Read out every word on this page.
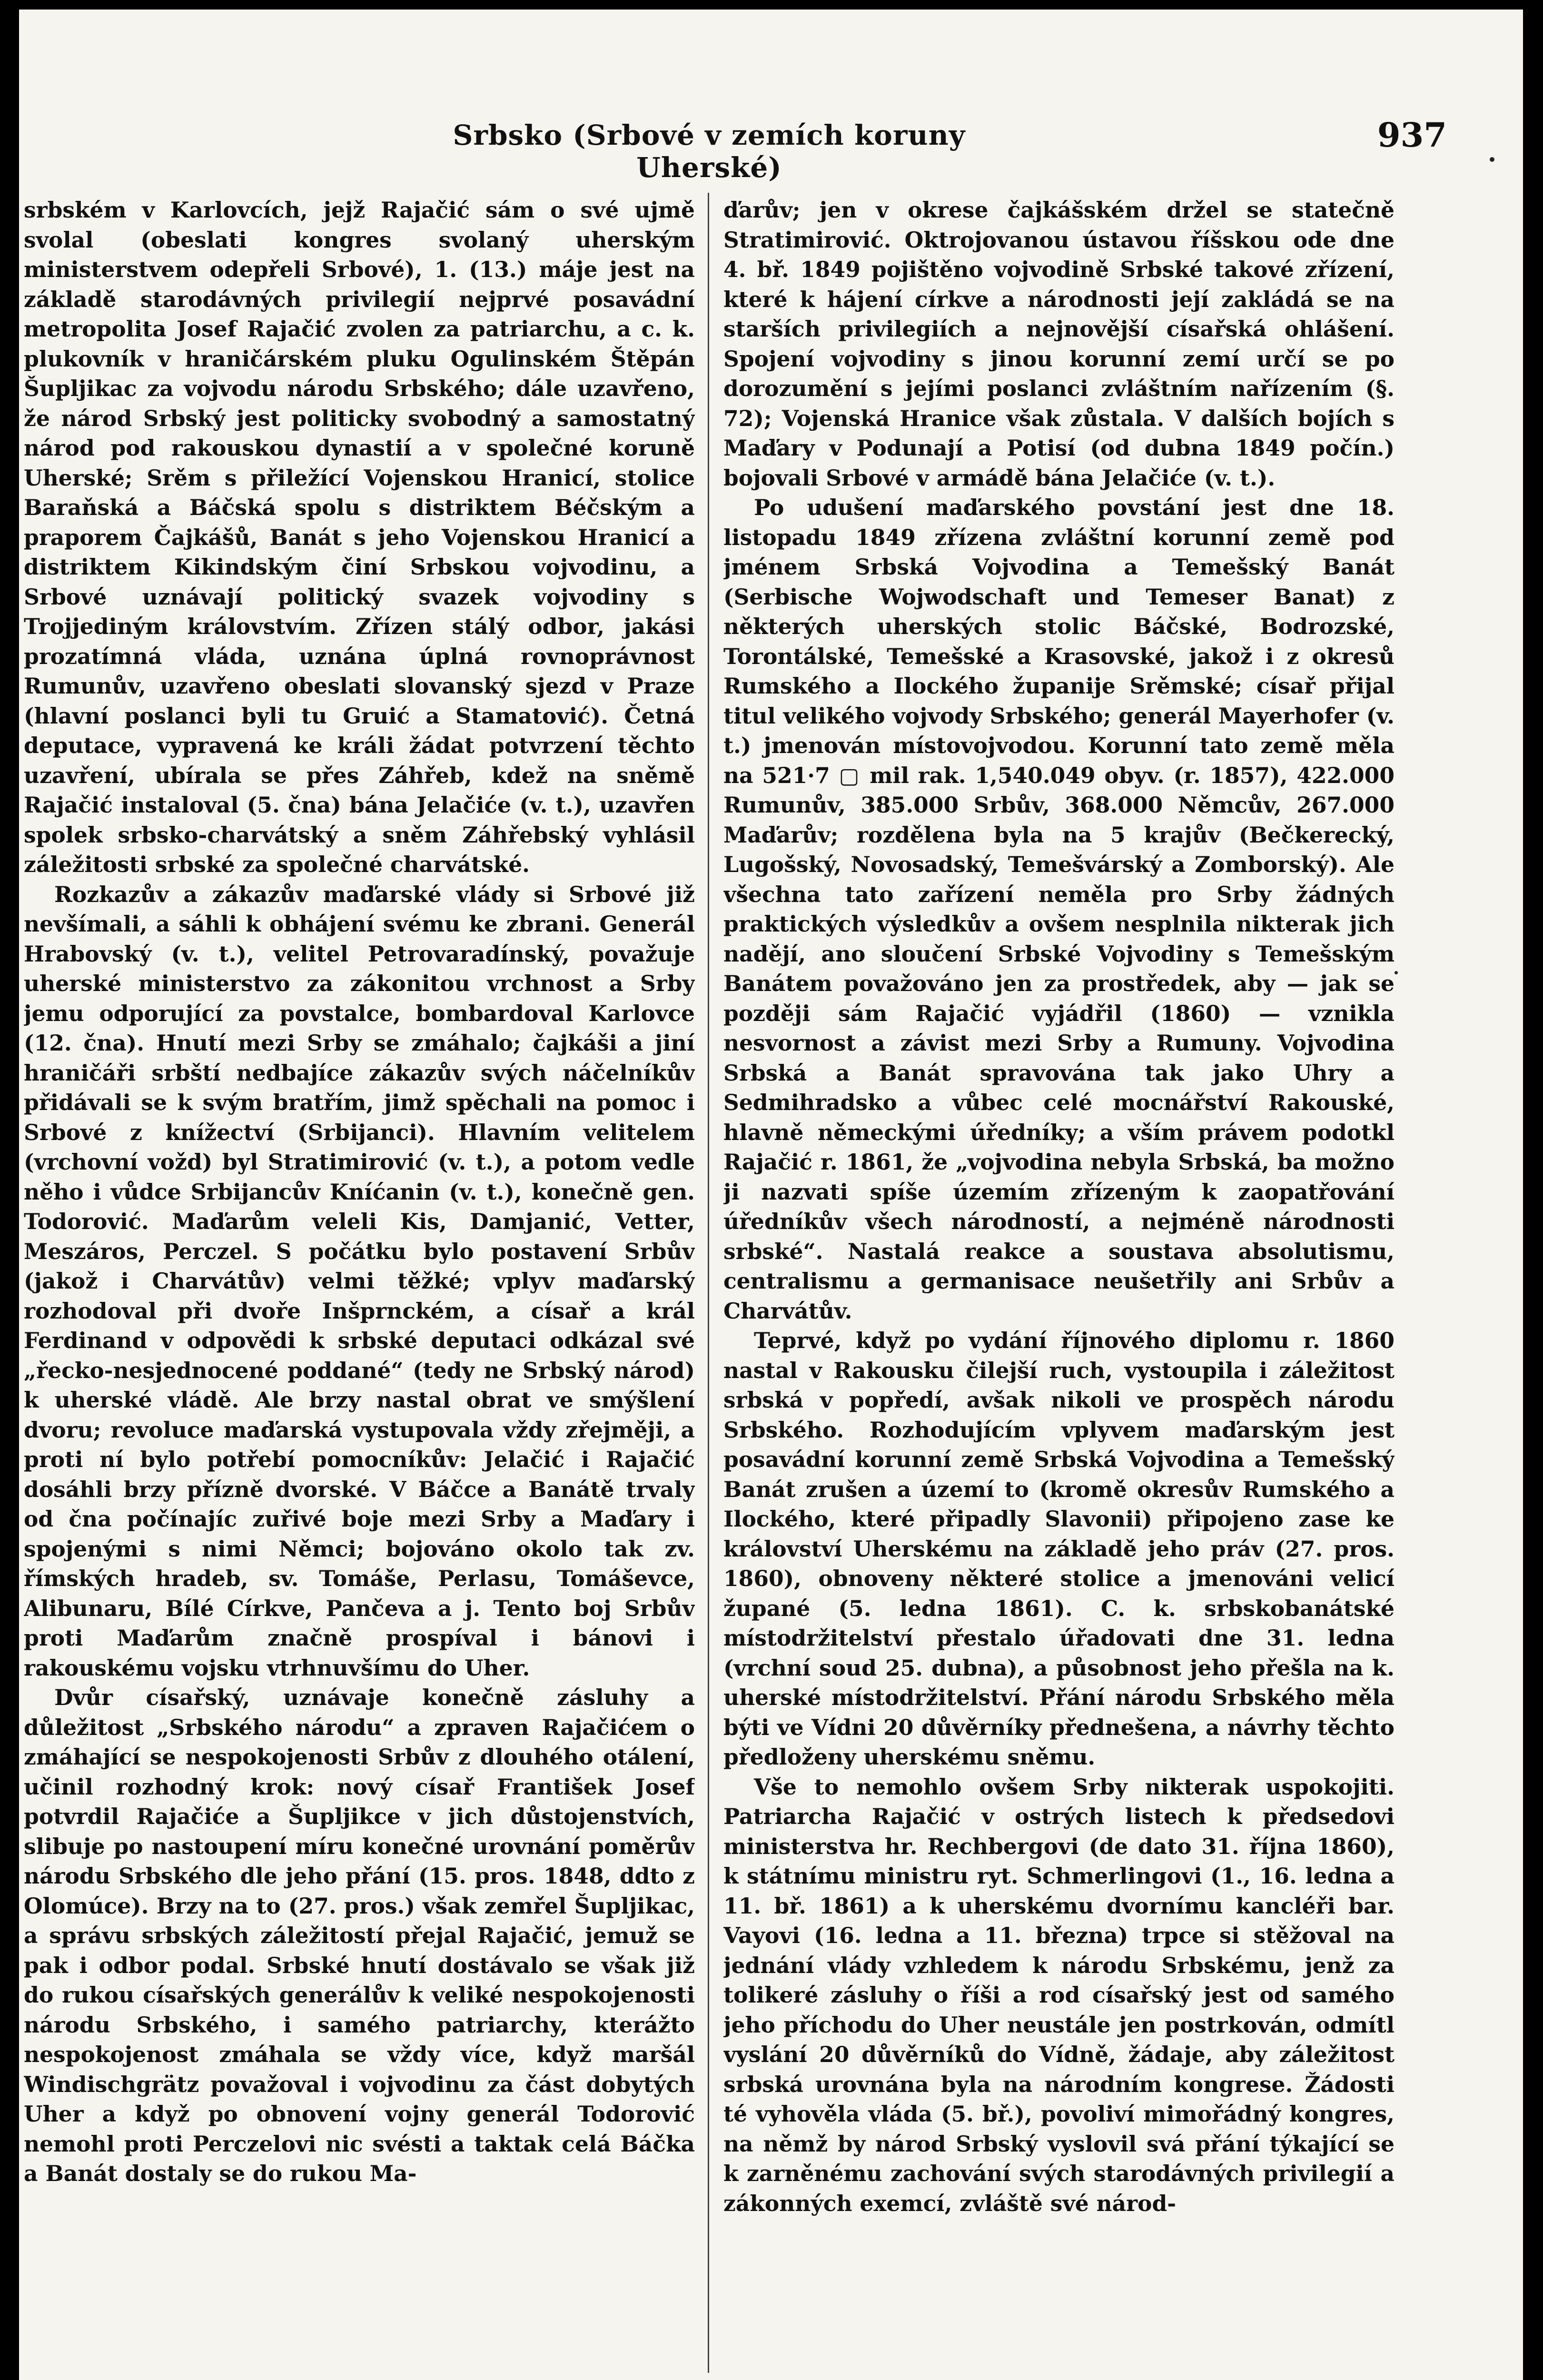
Srbsko (Srbové v zemích koruny Uherské)
937

srbském v Karlovcích, jejž Rajačić sám o své ujmě svolal (obeslati kongres svolaný uherským ministerstvem odepřeli Srbové), 1. (13.) máje jest na základě starodávných privilegií nejprvé posavádní metropolita Josef Rajačić zvolen za patriarchu, a c. k. plukovník v hraničárském pluku Ogulinském Štěpán Šupljikac za vojvodu národu Srbského; dále uzavřeno, že národ Srbský jest politicky svobodný a samostatný národ pod rakouskou dynastií a v společné koruně Uherské; Srěm s přiležící Vojenskou Hranicí, stolice Baraňská a Báčská spolu s distriktem Béčským a praporem Čajkášů, Banát s jeho Vojenskou Hranicí a distriktem Kikindským činí Srbskou vojvodinu, a Srbové uznávají politický svazek vojvodiny s Trojjediným královstvím. Zřízen stálý odbor, jakási prozatímná vláda, uznána úplná rovnoprávnost Rumunův, uzavřeno obeslati slovanský sjezd v Praze (hlavní poslanci byli tu Gruić a Stamatović). Četná deputace, vypravená ke králi žádat potvrzení těchto uzavření, ubírala se přes Záhřeb, kdež na sněmě Rajačić instaloval (5. čna) bána Jelačiće (v. t.), uzavřen spolek srbsko-charvátský a sněm Záhřebský vyhlásil záležitosti srbské za společné charvátské.

Rozkazův a zákazův maďarské vlády si Srbové již nevšímali, a sáhli k obhájení svému ke zbrani. Generál Hrabovský (v. t.), velitel Petrovaradínský, považuje uherské ministerstvo za zákonitou vrchnost a Srby jemu odporující za povstalce, bombardoval Karlovce (12. čna). Hnutí mezi Srby se zmáhalo; čajkáši a jiní hraničáři srbští nedbajíce zákazův svých náčelníkův přidávali se k svým bratřím, jimž spěchali na pomoc i Srbové z knížectví (Srbijanci). Hlavním velitelem (vrchovní vožd) byl Stratimirović (v. t.), a potom vedle něho i vůdce Srbijancův Kníćanin (v. t.), konečně gen. Todorović. Maďarům veleli Kis, Damjanić, Vetter, Meszáros, Perczel. S počátku bylo postavení Srbův (jakož i Charvátův) velmi těžké; vplyv maďarský rozhodoval při dvoře Inšprnckém, a císař a král Ferdinand v odpovědi k srbské deputaci odkázal své „řecko-nesjednocené poddané“ (tedy ne Srbský národ) k uherské vládě. Ale brzy nastal obrat ve smýšlení dvoru; revoluce maďarská vystupovala vždy zřejměji, a proti ní bylo potřebí pomocníkův: Jelačić i Rajačić dosáhli brzy přízně dvorské. V Báčce a Banátě trvaly od čna počínajíc zuřivé boje mezi Srby a Maďary i spojenými s nimi Němci; bojováno okolo tak zv. římských hradeb, sv. Tomáše, Perlasu, Tomáševce, Alibunaru, Bílé Církve, Pančeva a j. Tento boj Srbův proti Maďarům značně prospíval i bánovi i rakouskému vojsku vtrhnuvšímu do Uher.

Dvůr císařský, uznávaje konečně zásluhy a důležitost „Srbského národu“ a zpraven Rajačićem o zmáhající se nespokojenosti Srbův z dlouhého otálení, učinil rozhodný krok: nový císař František Josef potvrdil Rajačiće a Šupljikce v jich důstojenstvích, slibuje po nastoupení míru konečné urovnání poměrův národu Srbského dle jeho přání (15. pros. 1848, ddto z Olomúce). Brzy na to (27. pros.) však zemřel Šupljikac, a správu srbských záležitostí přejal Rajačić, jemuž se pak i odbor podal. Srbské hnutí dostávalo se však již do rukou císařských generálův k veliké nespokojenosti národu Srbského, i samého patriarchy, kterážto nespokojenost zmáhala se vždy více, když maršál Windischgrätz považoval i vojvodinu za část dobytých Uher a když po obnovení vojny generál Todorović nemohl proti Perczelovi nic svésti a taktak celá Báčka a Banát dostaly se do rukou Ma-

ďarův; jen v okrese čajkášském držel se statečně Stratimirović. Oktrojovanou ústavou říšskou ode dne 4. bř. 1849 pojištěno vojvodině Srbské takové zřízení, které k hájení církve a národnosti její zakládá se na starších privilegiích a nejnovější císařská ohlášení. Spojení vojvodiny s jinou korunní zemí určí se po dorozumění s jejími poslanci zvláštním nařízením (§. 72); Vojenská Hranice však zůstala. V dalších bojích s Maďary v Podunají a Potisí (od dubna 1849 počín.) bojovali Srbové v armádě bána Jelačiće (v. t.).

Po udušení maďarského povstání jest dne 18. listopadu 1849 zřízena zvláštní korunní země pod jménem Srbská Vojvodina a Temešský Banát (Serbische Wojwodschaft und Temeser Banat) z některých uherských stolic Báčské, Bodrozské, Torontálské, Temešské a Krasovské, jakož i z okresů Rumského a Ilockého županije Srěmské; císař přijal titul velikého vojvody Srbského; generál Mayerhofer (v. t.) jmenován místovojvodou. Korunní tato země měla na 521·7 ▢ mil rak. 1,540.049 obyv. (r. 1857), 422.000 Rumunův, 385.000 Srbův, 368.000 Němcův, 267.000 Maďarův; rozdělena byla na 5 krajův (Bečkerecký, Lugošský, Novosadský, Temešvárský a Zomborský). Ale všechna tato zařízení neměla pro Srby žádných praktických výsledkův a ovšem nesplnila nikterak jich nadějí, ano sloučení Srbské Vojvodiny s Temešským Banátem považováno jen za prostředek, aby — jak se později sám Rajačić vyjádřil (1860) — vznikla nesvornost a závist mezi Srby a Rumuny. Vojvodina Srbská a Banát spravována tak jako Uhry a Sedmihradsko a vůbec celé mocnářství Rakouské, hlavně německými úředníky; a vším právem podotkl Rajačić r. 1861, že „vojvodina nebyla Srbská, ba možno ji nazvati spíše územím zřízeným k zaopatřování úředníkův všech národností, a nejméně národnosti srbské“. Nastalá reakce a soustava absolutismu, centralismu a germanisace neušetřily ani Srbův a Charvátův.

Teprvé, když po vydání říjnového diplomu r. 1860 nastal v Rakousku čilejší ruch, vystoupila i záležitost srbská v popředí, avšak nikoli ve prospěch národu Srbského. Rozhodujícím vplyvem maďarským jest posavádní korunní země Srbská Vojvodina a Temešský Banát zrušen a území to (kromě okresův Rumského a Ilockého, které připadly Slavonii) připojeno zase ke království Uherskému na základě jeho práv (27. pros. 1860), obnoveny některé stolice a jmenováni velicí župané (5. ledna 1861). C. k. srbskobanátské místodržitelství přestalo úřadovati dne 31. ledna (vrchní soud 25. dubna), a působnost jeho přešla na k. uherské místodržitelství. Přání národu Srbského měla býti ve Vídni 20 důvěrníky přednešena, a návrhy těchto předloženy uherskému sněmu.

Vše to nemohlo ovšem Srby nikterak uspokojiti. Patriarcha Rajačić v ostrých listech k předsedovi ministerstva hr. Rechbergovi (de dato 31. října 1860), k státnímu ministru ryt. Schmerlingovi (1., 16. ledna a 11. bř. 1861) a k uherskému dvornímu kancléři bar. Vayovi (16. ledna a 11. března) trpce si stěžoval na jednání vlády vzhledem k národu Srbskému, jenž za tolikeré zásluhy o říši a rod císařský jest od samého jeho příchodu do Uher neustále jen postrkován, odmítl vyslání 20 důvěrníků do Vídně, žádaje, aby záležitost srbská urovnána byla na národním kongrese. Žádosti té vyhověla vláda (5. bř.), povoliví mimořádný kongres, na němž by národ Srbský vyslovil svá přání týkající se k zarněnému zachování svých starodávných privilegií a zákonných exemcí, zvláště své národ-
